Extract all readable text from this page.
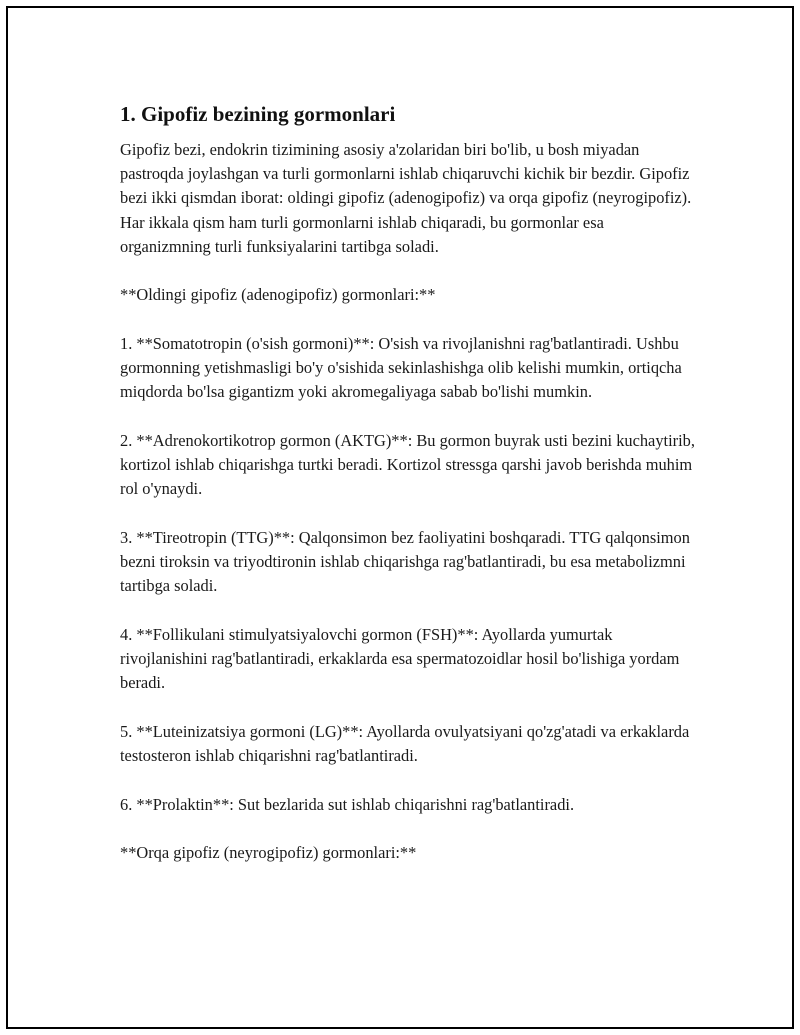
1. Gipofiz bezining gormonlari

Gipofiz bezi, endokrin tizimining asosiy a'zolaridan biri bo'lib, u bosh miyadan pastroqda joylashgan va turli gormonlarni ishlab chiqaruvchi kichik bir bezdir. Gipofiz bezi ikki qismdan iborat: oldingi gipofiz (adenogipofiz) va orqa gipofiz (neyrogipofiz). Har ikkala qism ham turli gormonlarni ishlab chiqaradi, bu gormonlar esa organizmning turli funksiyalarini tartibga soladi.

**Oldingi gipofiz (adenogipofiz) gormonlari:**

1. **Somatotropin (o'sish gormoni)**: O'sish va rivojlanishni rag'batlantiradi. Ushbu gormonning yetishmasligi bo'y o'sishida sekinlashishga olib kelishi mumkin, ortiqcha miqdorda bo'lsa gigantizm yoki akromegaliyaga sabab bo'lishi mumkin.

2. **Adrenokortikotrop gormon (AKTG)**: Bu gormon buyrak usti bezini kuchaytirib, kortizol ishlab chiqarishga turtki beradi. Kortizol stressga qarshi javob berishda muhim rol o'ynaydi.

3. **Tireotropin (TTG)**: Qalqonsimon bez faoliyatini boshqaradi. TTG qalqonsimon bezni tiroksin va triyodtironin ishlab chiqarishga rag'batlantiradi, bu esa metabolizmni tartibga soladi.

4. **Follikulani stimulyatsiyalovchi gormon (FSH)**: Ayollarda yumurtak rivojlanishini rag'batlantiradi, erkaklarda esa spermatozoidlar hosil bo'lishiga yordam beradi.

5. **Luteinizatsiya gormoni (LG)**: Ayollarda ovulyatsiyani qo'zg'atadi va erkaklarda testosteron ishlab chiqarishni rag'batlantiradi.

6. **Prolaktin**: Sut bezlarida sut ishlab chiqarishni rag'batlantiradi.

**Orqa gipofiz (neyrogipofiz) gormonlari:**
